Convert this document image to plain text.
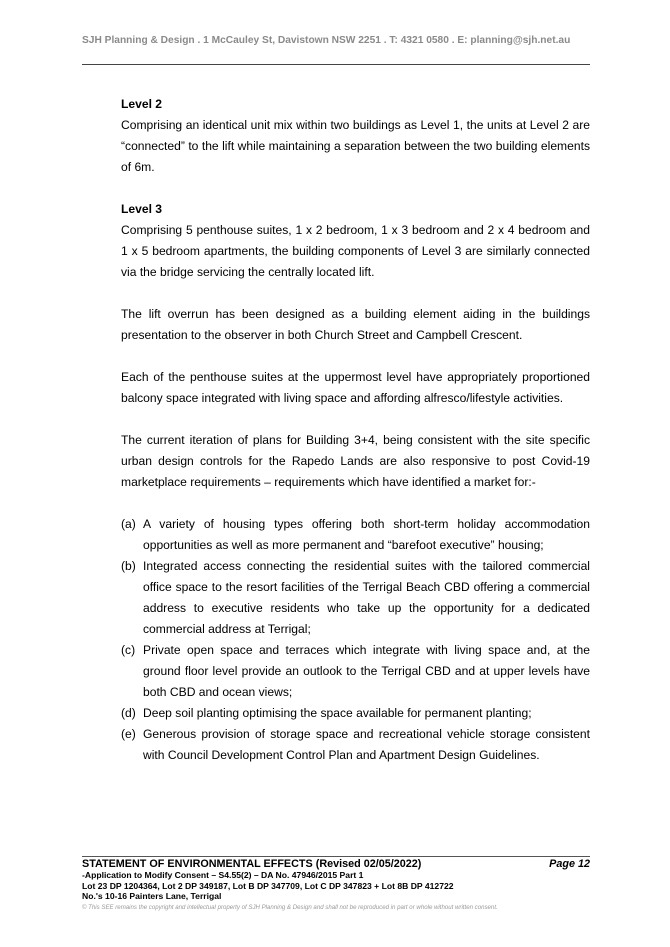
SJH Planning & Design . 1 McCauley St, Davistown NSW 2251 . T: 4321 0580 . E: planning@sjh.net.au
Level 2

Comprising an identical unit mix within two buildings as Level 1, the units at Level 2 are “connected” to the lift while maintaining a separation between the two building elements of 6m.

Level 3

Comprising 5 penthouse suites, 1 x 2 bedroom, 1 x 3 bedroom and 2 x 4 bedroom and 1 x 5 bedroom apartments, the building components of Level 3 are similarly connected via the bridge servicing the centrally located lift.

The lift overrun has been designed as a building element aiding in the buildings presentation to the observer in both Church Street and Campbell Crescent.

Each of the penthouse suites at the uppermost level have appropriately proportioned balcony space integrated with living space and affording alfresco/lifestyle activities.

The current iteration of plans for Building 3+4, being consistent with the site specific urban design controls for the Rapedo Lands are also responsive to post Covid-19 marketplace requirements – requirements which have identified a market for:-

(a) A variety of housing types offering both short-term holiday accommodation opportunities as well as more permanent and “barefoot executive” housing;
(b) Integrated access connecting the residential suites with the tailored commercial office space to the resort facilities of the Terrigal Beach CBD offering a commercial address to executive residents who take up the opportunity for a dedicated commercial address at Terrigal;
(c) Private open space and terraces which integrate with living space and, at the ground floor level provide an outlook to the Terrigal CBD and at upper levels have both CBD and ocean views;
(d) Deep soil planting optimising the space available for permanent planting;
(e) Generous provision of storage space and recreational vehicle storage consistent with Council Development Control Plan and Apartment Design Guidelines.
STATEMENT OF ENVIRONMENTAL EFFECTS (Revised 02/05/2022)	Page 12
-Application to Modify Consent – S4.55(2) – DA No. 47946/2015 Part 1
Lot 23 DP 1204364, Lot 2 DP 349187, Lot B DP 347709, Lot C DP 347823 + Lot 8B DP 412722
No.'s 10-16 Painters Lane, Terrigal
© This SEE remains the copyright and intellectual property of SJH Planning & Design and shall not be reproduced in part or whole without written consent.
